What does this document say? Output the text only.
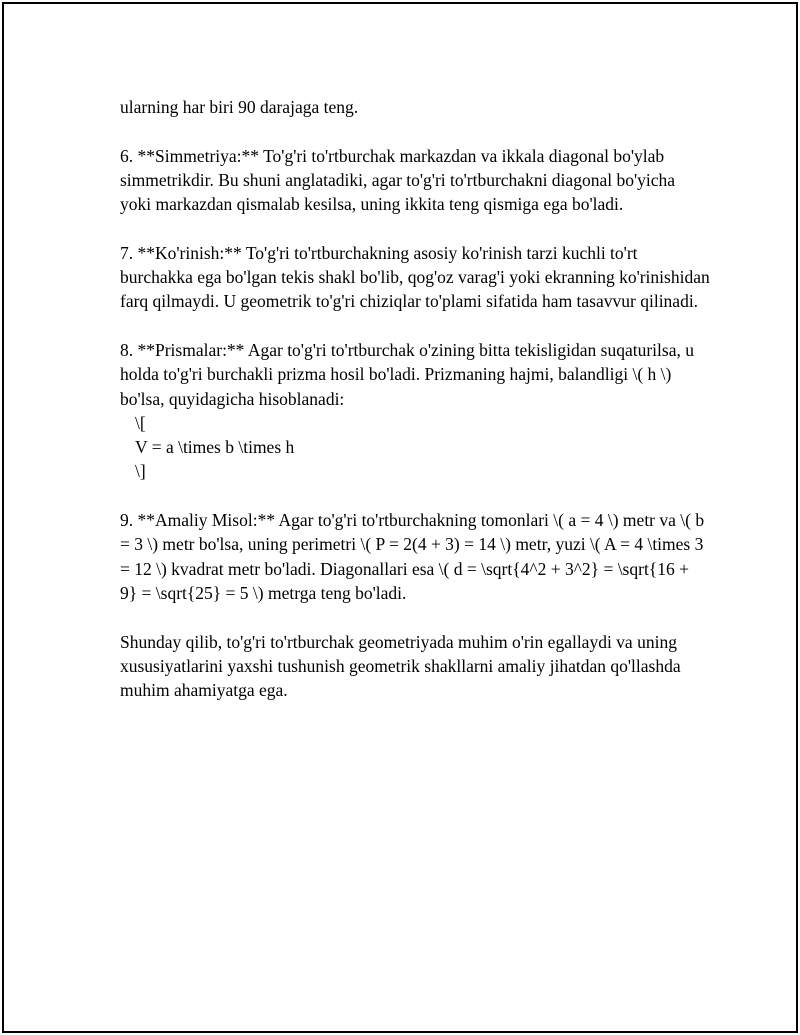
ularning har biri 90 darajaga teng.

6. **Simmetriya:** To'g'ri to'rtburchak markazdan va ikkala diagonal bo'ylab simmetrikdir. Bu shuni anglatadiki, agar to'g'ri to'rtburchakni diagonal bo'yicha yoki markazdan qismalab kesilsa, uning ikkita teng qismiga ega bo'ladi.

7. **Ko'rinish:** To'g'ri to'rtburchakning asosiy ko'rinish tarzi kuchli to'rt burchakka ega bo'lgan tekis shakl bo'lib, qog'oz varag'i yoki ekranning ko'rinishidan farq qilmaydi. U geometrik to'g'ri chiziqlar to'plami sifatida ham tasavvur qilinadi.

8. **Prismalar:** Agar to'g'ri to'rtburchak o'zining bitta tekisligidan suqaturilsa, u holda to'g'ri burchakli prizma hosil bo'ladi. Prizmaning hajmi, balandligi \( h \) bo'lsa, quyidagicha hisoblanadi:
\[
V = a \times b \times h
\]

9. **Amaliy Misol:** Agar to'g'ri to'rtburchakning tomonlari \( a = 4 \) metr va \( b = 3 \) metr bo'lsa, uning perimetri \( P = 2(4 + 3) = 14 \) metr, yuzi \( A = 4 \times 3 = 12 \) kvadrat metr bo'ladi. Diagonallari esa \( d = \sqrt{4^2 + 3^2} = \sqrt{16 + 9} = \sqrt{25} = 5 \) metrga teng bo'ladi.

Shunday qilib, to'g'ri to'rtburchak geometriyada muhim o'rin egallaydi va uning xususiyatlarini yaxshi tushunish geometrik shakllarni amaliy jihatdan qo'llashda muhim ahamiyatga ega.
